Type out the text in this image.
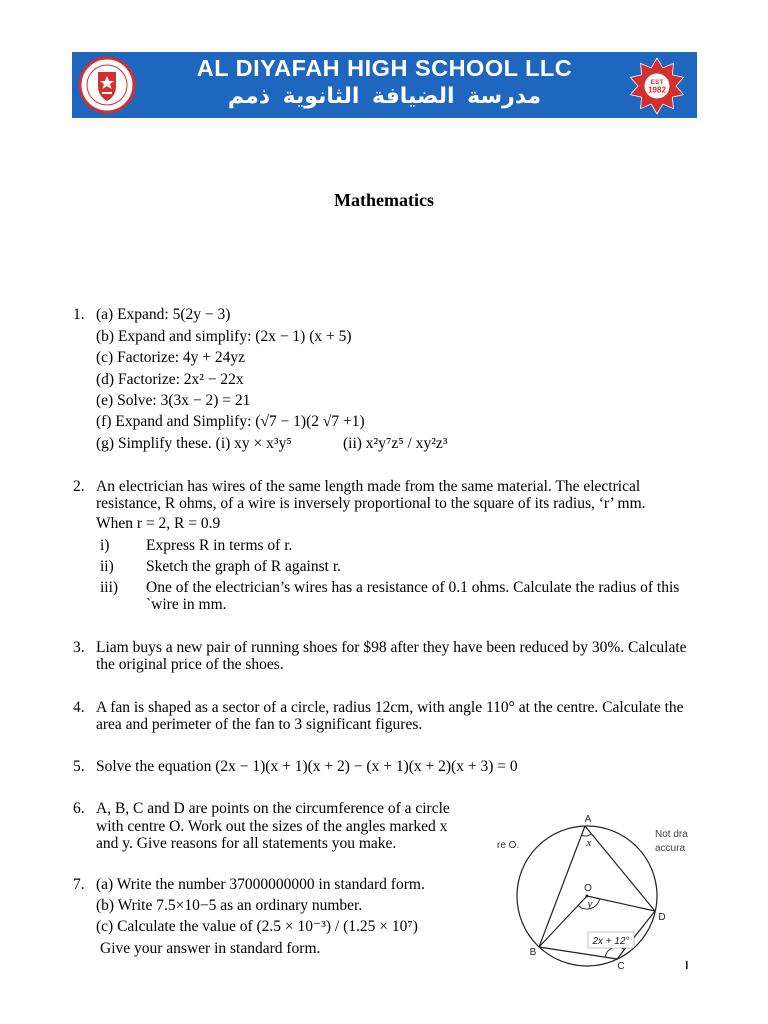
EST
1982
AL DIYAFAH HIGH SCHOOL LLC
مدرسة الضيافة الثانوية ذمم
Mathematics
1. (a) Expand: 5(2y − 3)
(b) Expand and simplify: (2x − 1) (x + 5)
(c) Factorize: 4y + 24yz
(d) Factorize: 2x² − 22x
(e) Solve: 3(3x − 2) = 21
(f) Expand and Simplify: (√7 − 1)(2 √7 +1)
(g) Simplify these. (i) xy × x³y⁵	(ii) x²y⁷z⁵ / xy²z³
2. An electrician has wires of the same length made from the same material. The electrical
resistance, R ohms, of a wire is inversely proportional to the square of its radius, ‘r’ mm.
When r = 2, R = 0.9
i) Express R in terms of r.
ii) Sketch the graph of R against r.
iii) One of the electrician’s wires has a resistance of 0.1 ohms. Calculate the radius of this
`wire in mm.
3. Liam buys a new pair of running shoes for $98 after they have been reduced by 30%. Calculate
the original price of the shoes.
4. A fan is shaped as a sector of a circle, radius 12cm, with angle 110° at the centre. Calculate the
area and perimeter of the fan to 3 significant figures.
5. Solve the equation (2x − 1)(x + 1)(x + 2) − (x + 1)(x + 2)(x + 3) = 0
6. A, B, C and D are points on the circumference of a circle
with centre O. Work out the sizes of the angles marked x
and y. Give reasons for all statements you make.
7. (a) Write the number 37000000000 in standard form.
(b) Write 7.5×10−5 as an ordinary number.
(c) Calculate the value of (2.5 × 10⁻³) / (1.25 × 10⁷)
Give your answer in standard form.
A
O
D
B
C
x
y
2x + 12°
re O.
Not dra
accura
